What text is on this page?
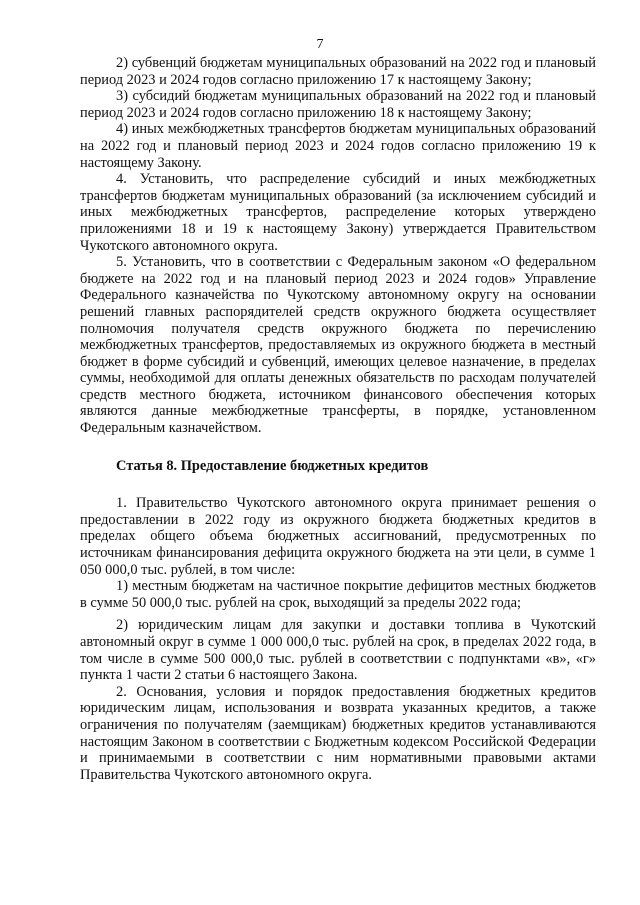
7

2) субвенций бюджетам муниципальных образований на 2022 год и плановый период 2023 и 2024 годов согласно приложению 17 к настоящему Закону;

3) субсидий бюджетам муниципальных образований на 2022 год и плановый период 2023 и 2024 годов согласно приложению 18 к настоящему Закону;

4) иных межбюджетных трансфертов бюджетам муниципальных образований на 2022 год и плановый период 2023 и 2024 годов согласно приложению 19 к настоящему Закону.

4. Установить, что распределение субсидий и иных межбюджетных трансфертов бюджетам муниципальных образований (за исключением субсидий и иных межбюджетных трансфертов, распределение которых утверждено приложениями 18 и 19 к настоящему Закону) утверждается Правительством Чукотского автономного округа.

5. Установить, что в соответствии с Федеральным законом «О федеральном бюджете на 2022 год и на плановый период 2023 и 2024 годов» Управление Федерального казначейства по Чукотскому автономному округу на основании решений главных распорядителей средств окружного бюджета осуществляет полномочия получателя средств окружного бюджета по перечислению межбюджетных трансфертов, предоставляемых из окружного бюджета в местный бюджет в форме субсидий и субвенций, имеющих целевое назначение, в пределах суммы, необходимой для оплаты денежных обязательств по расходам получателей средств местного бюджета, источником финансового обеспечения которых являются данные межбюджетные трансферты, в порядке, установленном Федеральным казначейством.

Статья 8. Предоставление бюджетных кредитов

1. Правительство Чукотского автономного округа принимает решения о предоставлении в 2022 году из окружного бюджета бюджетных кредитов в пределах общего объема бюджетных ассигнований, предусмотренных по источникам финансирования дефицита окружного бюджета на эти цели, в сумме 1 050 000,0 тыс. рублей, в том числе:

1) местным бюджетам на частичное покрытие дефицитов местных бюджетов в сумме 50 000,0 тыс. рублей на срок, выходящий за пределы 2022 года;

2) юридическим лицам для закупки и доставки топлива в Чукотский автономный округ в сумме 1 000 000,0 тыс. рублей на срок, в пределах 2022 года, в том числе в сумме 500 000,0 тыс. рублей в соответствии с подпунктами «в», «г» пункта 1 части 2 статьи 6 настоящего Закона.

2. Основания, условия и порядок предоставления бюджетных кредитов юридическим лицам, использования и возврата указанных кредитов, а также ограничения по получателям (заемщикам) бюджетных кредитов устанавливаются настоящим Законом в соответствии с Бюджетным кодексом Российской Федерации и принимаемыми в соответствии с ним нормативными правовыми актами Правительства Чукотского автономного округа.
